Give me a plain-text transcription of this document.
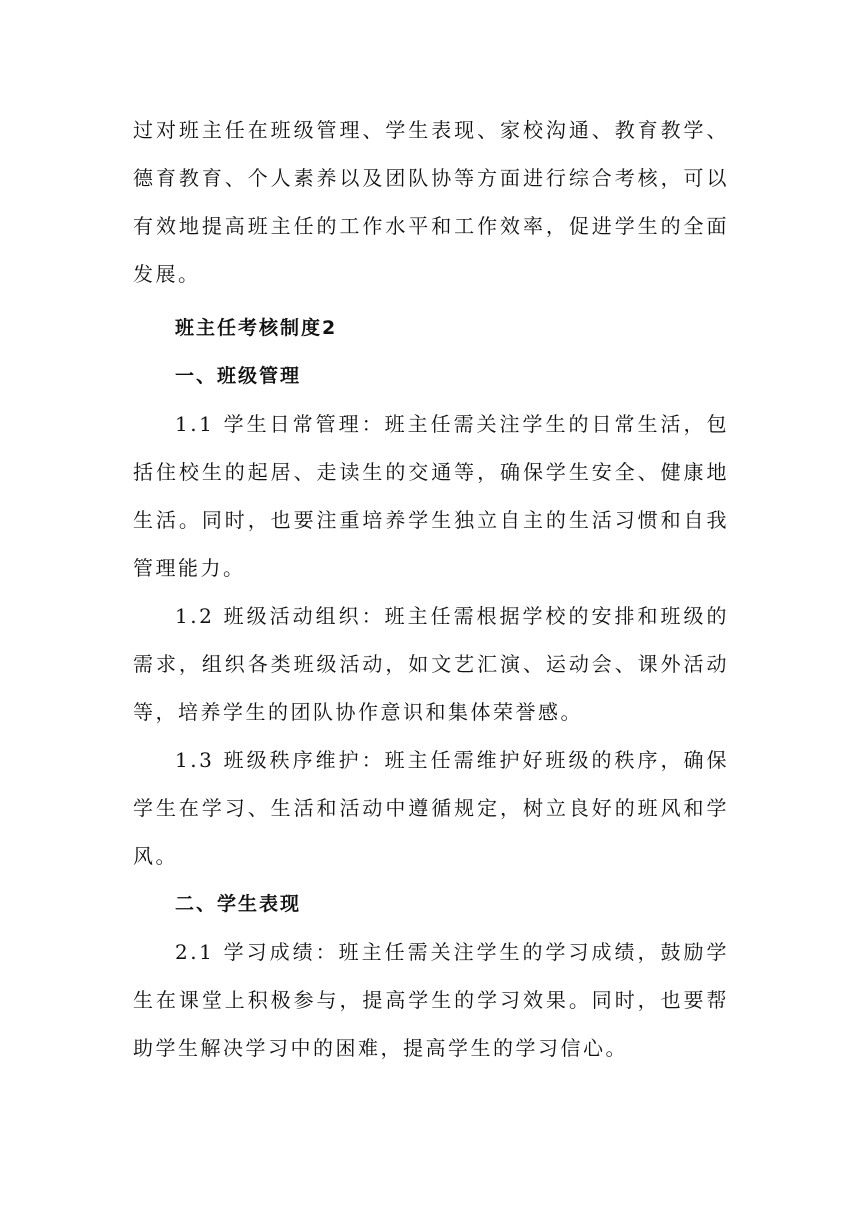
过对班主任在班级管理、学生表现、家校沟通、教育教学、德育教育、个人素养以及团队协等方面进行综合考核，可以有效地提高班主任的工作水平和工作效率，促进学生的全面发展。

班主任考核制度2

一、班级管理

1.1 学生日常管理：班主任需关注学生的日常生活，包括住校生的起居、走读生的交通等，确保学生安全、健康地生活。同时，也要注重培养学生独立自主的生活习惯和自我管理能力。

1.2 班级活动组织：班主任需根据学校的安排和班级的需求，组织各类班级活动，如文艺汇演、运动会、课外活动等，培养学生的团队协作意识和集体荣誉感。

1.3 班级秩序维护：班主任需维护好班级的秩序，确保学生在学习、生活和活动中遵循规定，树立良好的班风和学风。

二、学生表现

2.1 学习成绩：班主任需关注学生的学习成绩，鼓励学生在课堂上积极参与，提高学生的学习效果。同时，也要帮助学生解决学习中的困难，提高学生的学习信心。
